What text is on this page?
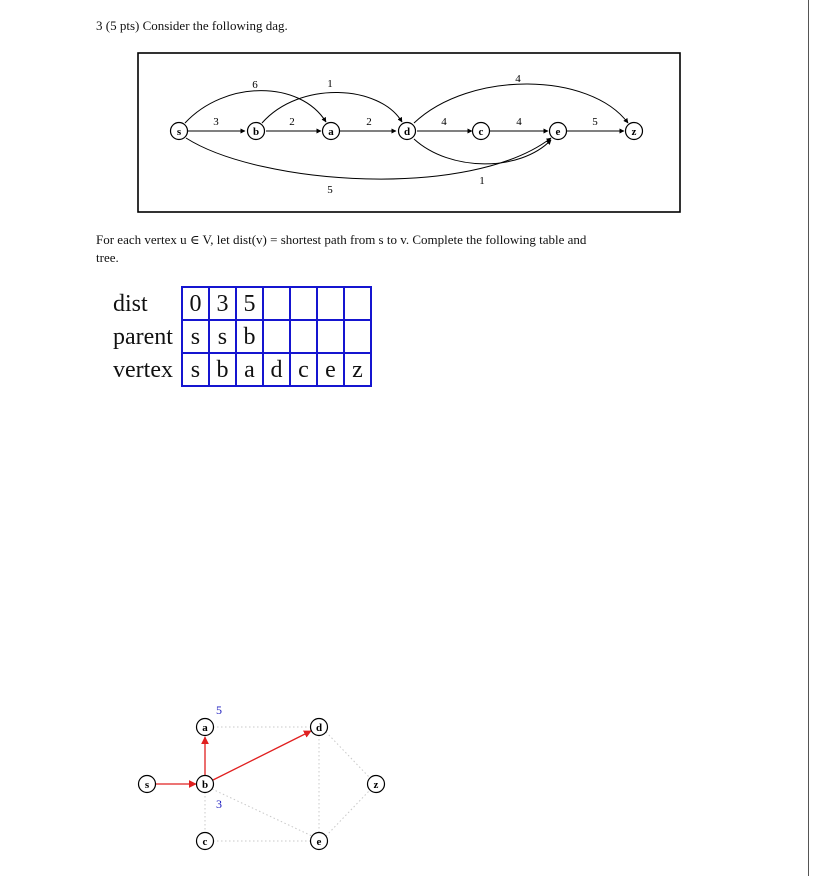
3 (5 pts) Consider the following dag.
3
6
5
2
1
2	4
4
1
4	5
s	b	a	d	c	e	z
For each vertex u ∈ V, let dist(v) = shortest path from s to v. Complete the following table and
tree.
dist	0	3	5				
parent	s	s	b				
vertex	s	b	a	d	c	e	z
5
3
a	d
s	b	z
c	e
